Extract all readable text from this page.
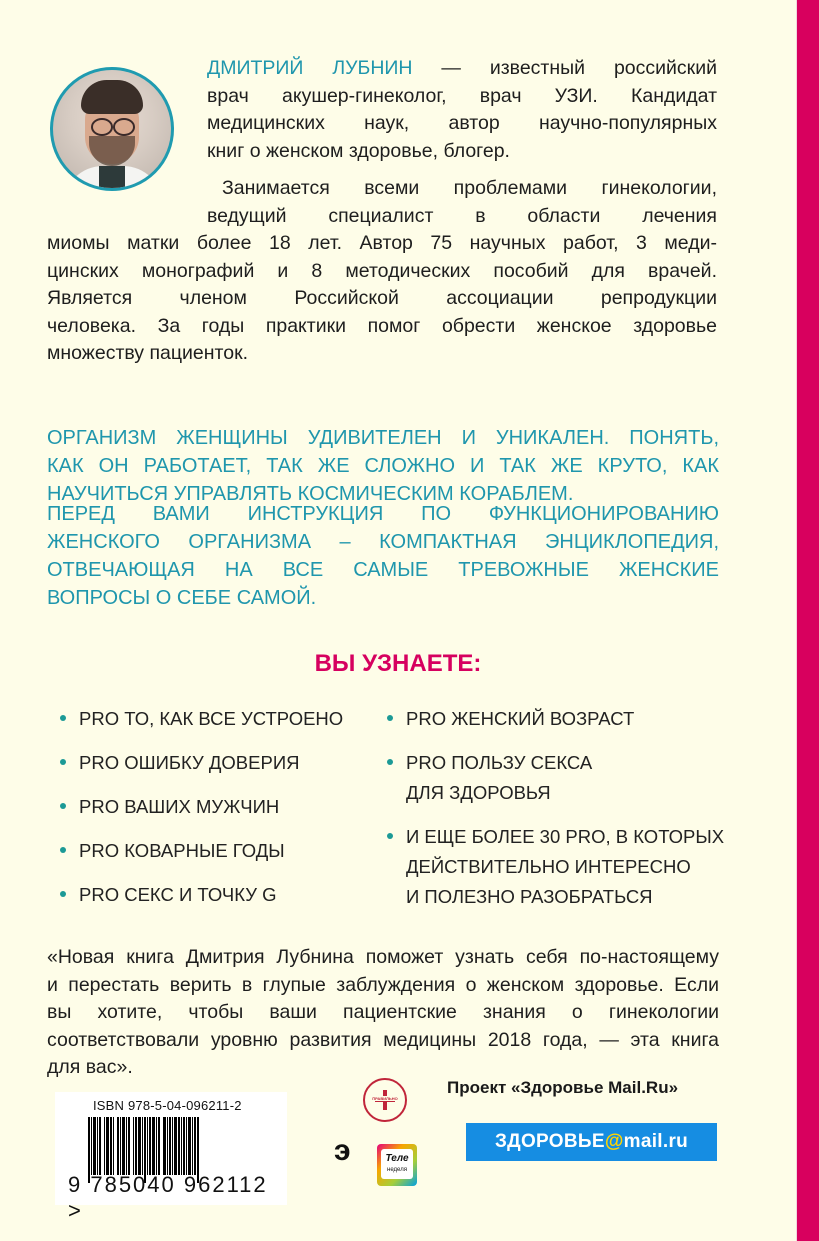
ДМИТРИЙ ЛУБНИН — известный российский
врач акушер-гинеколог, врач УЗИ. Кандидат
медицинских наук, автор научно-популярных
книг о женском здоровье, блогер.
Занимается всеми проблемами гинекологии,
ведущий специалист в области лечения
миомы матки более 18 лет. Автор 75 научных работ, 3 меди-
цинских монографий и 8 методических пособий для врачей.
Является членом Российской ассоциации репродукции
человека. За годы практики помог обрести женское здоровье
множеству пациенток.
ОРГАНИЗМ ЖЕНЩИНЫ УДИВИТЕЛЕН И УНИКАЛЕН. ПОНЯТЬ,
КАК ОН РАБОТАЕТ, ТАК ЖЕ СЛОЖНО И ТАК ЖЕ КРУТО, КАК
НАУЧИТЬСЯ УПРАВЛЯТЬ КОСМИЧЕСКИМ КОРАБЛЕМ.
ПЕРЕД ВАМИ ИНСТРУКЦИЯ ПО ФУНКЦИОНИРОВАНИЮ
ЖЕНСКОГО ОРГАНИЗМА – КОМПАКТНАЯ ЭНЦИКЛОПЕДИЯ,
ОТВЕЧАЮЩАЯ НА ВСЕ САМЫЕ ТРЕВОЖНЫЕ ЖЕНСКИЕ
ВОПРОСЫ О СЕБЕ САМОЙ.
ВЫ УЗНАЕТЕ:
PRO ТО, КАК ВСЕ УСТРОЕНО
PRO ОШИБКУ ДОВЕРИЯ
PRO ВАШИХ МУЖЧИН
PRO КОВАРНЫЕ ГОДЫ
PRO СЕКС И ТОЧКУ G
PRO ЖЕНСКИЙ ВОЗРАСТ
PRO ПОЛЬЗУ СЕКСА
ДЛЯ ЗДОРОВЬЯ
И ЕЩЕ БОЛЕЕ 30 PRO, В КОТОРЫХ
ДЕЙСТВИТЕЛЬНО ИНТЕРЕСНО
И ПОЛЕЗНО РАЗОБРАТЬСЯ
«Новая книга Дмитрия Лубнина поможет узнать себя по-настоящему
и перестать верить в глупые заблуждения о женском здоровье. Если
вы хотите, чтобы ваши пациентские знания о гинекологии
соответствовали уровню развития медицины 2018 года, — эта книга
для вас».
ISBN 978-5-04-096211-2
9 785040 962112 >
э
ПРАВИЛЬНО
Теле
неделя
Проект «Здоровье Mail.Ru»
ЗДОРОВЬЕ@mail.ru
